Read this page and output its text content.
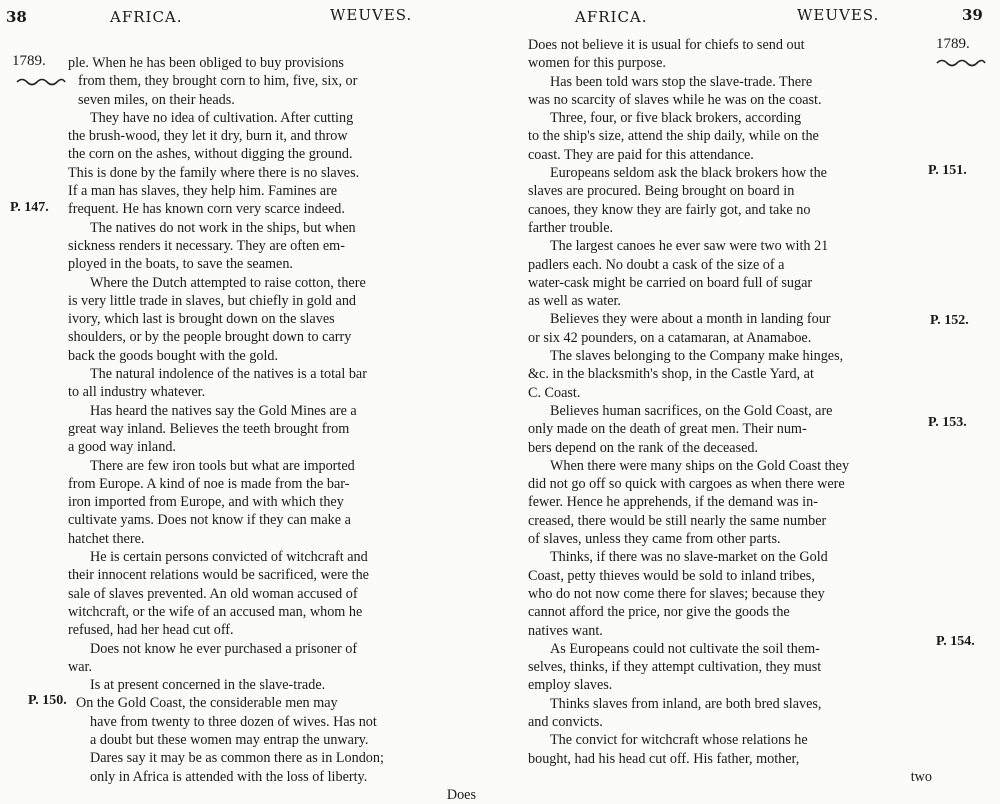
38	AFRICA.	WEUVES.
1789.
P. 147.
P. 150.
ple. When he has been obliged to buy provisions
from them, they brought corn to him, five, six, or
seven miles, on their heads.
They have no idea of cultivation. After cutting
the brush-wood, they let it dry, burn it, and throw
the corn on the ashes, without digging the ground.
This is done by the family where there is no slaves.
If a man has slaves, they help him. Famines are
frequent. He has known corn very scarce indeed.
The natives do not work in the ships, but when
sickness renders it necessary. They are often em-
ployed in the boats, to save the seamen.
Where the Dutch attempted to raise cotton, there
is very little trade in slaves, but chiefly in gold and
ivory, which last is brought down on the slaves
shoulders, or by the people brought down to carry
back the goods bought with the gold.
The natural indolence of the natives is a total bar
to all industry whatever.
Has heard the natives say the Gold Mines are a
great way inland. Believes the teeth brought from
a good way inland.
There are few iron tools but what are imported
from Europe. A kind of noe is made from the bar-
iron imported from Europe, and with which they
cultivate yams. Does not know if they can make a
hatchet there.
He is certain persons convicted of witchcraft and
their innocent relations would be sacrificed, were the
sale of slaves prevented. An old woman accused of
witchcraft, or the wife of an accused man, whom he
refused, had her head cut off.
Does not know he ever purchased a prisoner of
war.
Is at present concerned in the slave-trade.
On the Gold Coast, the considerable men may
have from twenty to three dozen of wives. Has not
a doubt but these women may entrap the unwary.
Dares say it may be as common there as in London;
only in Africa is attended with the loss of liberty.
Does
AFRICA.	WEUVES.	39
1789.
P. 151.
P. 152.
P. 153.
P. 154.
Does not believe it is usual for chiefs to send out
women for this purpose.
Has been told wars stop the slave-trade. There
was no scarcity of slaves while he was on the coast.
Three, four, or five black brokers, according
to the ship's size, attend the ship daily, while on the
coast. They are paid for this attendance.
Europeans seldom ask the black brokers how the
slaves are procured. Being brought on board in
canoes, they know they are fairly got, and take no
farther trouble.
The largest canoes he ever saw were two with 21
padlers each. No doubt a cask of the size of a
water-cask might be carried on board full of sugar
as well as water.
Believes they were about a month in landing four
or six 42 pounders, on a catamaran, at Anamaboe.
The slaves belonging to the Company make hinges,
&c. in the blacksmith's shop, in the Castle Yard, at
C. Coast.
Believes human sacrifices, on the Gold Coast, are
only made on the death of great men. Their num-
bers depend on the rank of the deceased.
When there were many ships on the Gold Coast they
did not go off so quick with cargoes as when there were
fewer. Hence he apprehends, if the demand was in-
creased, there would be still nearly the same number
of slaves, unless they came from other parts.
Thinks, if there was no slave-market on the Gold
Coast, petty thieves would be sold to inland tribes,
who do not now come there for slaves; because they
cannot afford the price, nor give the goods the
natives want.
As Europeans could not cultivate the soil them-
selves, thinks, if they attempt cultivation, they must
employ slaves.
Thinks slaves from inland, are both bred slaves,
and convicts.
The convict for witchcraft whose relations he
bought, had his head cut off. His father, mother,
two
